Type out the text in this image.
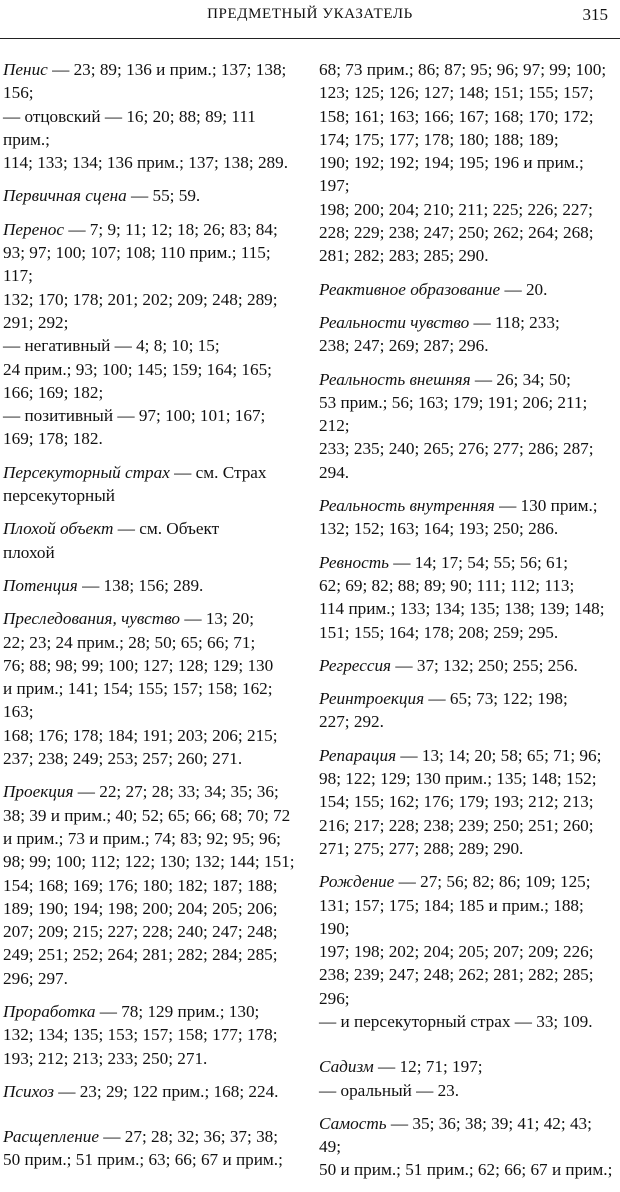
ПРЕДМЕТНЫЙ УКАЗАТЕЛЬ	315
Пенис — 23; 89; 136 и прим.; 137; 138; 156;
— отцовский — 16; 20; 88; 89; 111 прим.;
114; 133; 134; 136 прим.; 137; 138; 289.
Первичная сцена — 55; 59.
Перенос — 7; 9; 11; 12; 18; 26; 83; 84;
93; 97; 100; 107; 108; 110 прим.; 115; 117;
132; 170; 178; 201; 202; 209; 248; 289;
291; 292;
— негативный — 4; 8; 10; 15;
24 прим.; 93; 100; 145; 159; 164; 165;
166; 169; 182;
— позитивный — 97; 100; 101; 167;
169; 178; 182.
Персекуторный страх — см. Страх
персекуторный
Плохой объект — см. Объект
плохой
Потенция — 138; 156; 289.
Преследования, чувство — 13; 20;
22; 23; 24 прим.; 28; 50; 65; 66; 71;
76; 88; 98; 99; 100; 127; 128; 129; 130
и прим.; 141; 154; 155; 157; 158; 162; 163;
168; 176; 178; 184; 191; 203; 206; 215;
237; 238; 249; 253; 257; 260; 271.
Проекция — 22; 27; 28; 33; 34; 35; 36;
38; 39 и прим.; 40; 52; 65; 66; 68; 70; 72
и прим.; 73 и прим.; 74; 83; 92; 95; 96;
98; 99; 100; 112; 122; 130; 132; 144; 151;
154; 168; 169; 176; 180; 182; 187; 188;
189; 190; 194; 198; 200; 204; 205; 206;
207; 209; 215; 227; 228; 240; 247; 248;
249; 251; 252; 264; 281; 282; 284; 285;
296; 297.
Проработка — 78; 129 прим.; 130;
132; 134; 135; 153; 157; 158; 177; 178;
193; 212; 213; 233; 250; 271.
Психоз — 23; 29; 122 прим.; 168; 224.
Расщепление — 27; 28; 32; 36; 37; 38;
50 прим.; 51 прим.; 63; 66; 67 и прим.;
68; 73 прим.; 86; 87; 95; 96; 97; 99; 100;
123; 125; 126; 127; 148; 151; 155; 157;
158; 161; 163; 166; 167; 168; 170; 172;
174; 175; 177; 178; 180; 188; 189;
190; 192; 192; 194; 195; 196 и прим.; 197;
198; 200; 204; 210; 211; 225; 226; 227;
228; 229; 238; 247; 250; 262; 264; 268;
281; 282; 283; 285; 290.
Реактивное образование — 20.
Реальности чувство — 118; 233;
238; 247; 269; 287; 296.
Реальность внешняя — 26; 34; 50;
53 прим.; 56; 163; 179; 191; 206; 211; 212;
233; 235; 240; 265; 276; 277; 286; 287;
294.
Реальность внутренняя — 130 прим.;
132; 152; 163; 164; 193; 250; 286.
Ревность — 14; 17; 54; 55; 56; 61;
62; 69; 82; 88; 89; 90; 111; 112; 113;
114 прим.; 133; 134; 135; 138; 139; 148;
151; 155; 164; 178; 208; 259; 295.
Регрессия — 37; 132; 250; 255; 256.
Реинтроекция — 65; 73; 122; 198;
227; 292.
Репарация — 13; 14; 20; 58; 65; 71; 96;
98; 122; 129; 130 прим.; 135; 148; 152;
154; 155; 162; 176; 179; 193; 212; 213;
216; 217; 228; 238; 239; 250; 251; 260;
271; 275; 277; 288; 289; 290.
Рождение — 27; 56; 82; 86; 109; 125;
131; 157; 175; 184; 185 и прим.; 188; 190;
197; 198; 202; 204; 205; 207; 209; 226;
238; 239; 247; 248; 262; 281; 282; 285;
296;
— и персекуторный страх — 33; 109.
Садизм — 12; 71; 197;
— оральный — 23.
Самость — 35; 36; 38; 39; 41; 42; 43; 49;
50 и прим.; 51 прим.; 62; 66; 67 и прим.;
